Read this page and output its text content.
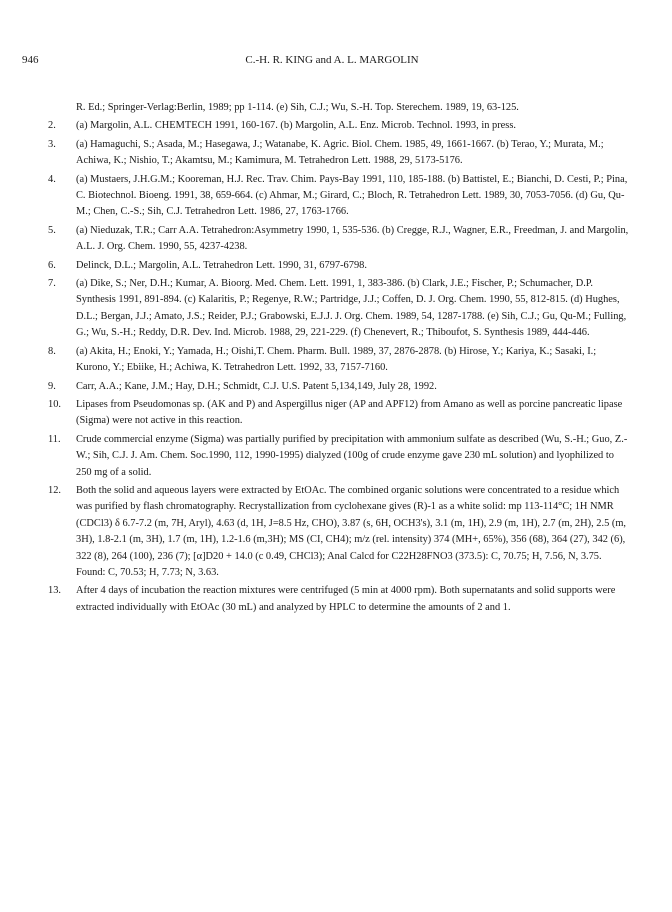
946	C.-H. R. KING and A. L. MARGOLIN
R. Ed.; Springer-Verlag:Berlin, 1989; pp 1-114. (e) Sih, C.J.; Wu, S.-H. Top. Sterechem. 1989, 19, 63-125.
2.	(a) Margolin, A.L. CHEMTECH 1991, 160-167. (b) Margolin, A.L. Enz. Microb. Technol. 1993, in press.
3.	(a) Hamaguchi, S.; Asada, M.; Hasegawa, J.; Watanabe, K. Agric. Biol. Chem. 1985, 49, 1661-1667. (b) Terao, Y.; Murata, M.; Achiwa, K.; Nishio, T.; Akamtsu, M.; Kamimura, M. Tetrahedron Lett. 1988, 29, 5173-5176.
4.	(a) Mustaers, J.H.G.M.; Kooreman, H.J. Rec. Trav. Chim. Pays-Bay 1991, 110, 185-188. (b) Battistel, E.; Bianchi, D. Cesti, P.; Pina, C. Biotechnol. Bioeng. 1991, 38, 659-664. (c) Ahmar, M.; Girard, C.; Bloch, R. Tetrahedron Lett. 1989, 30, 7053-7056. (d) Gu, Qu-M.; Chen, C.-S.; Sih, C.J. Tetrahedron Lett. 1986, 27, 1763-1766.
5.	(a) Nieduzak, T.R.; Carr A.A. Tetrahedron:Asymmetry 1990, 1, 535-536. (b) Cregge, R.J., Wagner, E.R., Freedman, J. and Margolin, A.L. J. Org. Chem. 1990, 55, 4237-4238.
6.	Delinck, D.L.; Margolin, A.L. Tetrahedron Lett. 1990, 31, 6797-6798.
7.	(a) Dike, S.; Ner, D.H.; Kumar, A. Bioorg. Med. Chem. Lett. 1991, 1, 383-386. (b) Clark, J.E.; Fischer, P.; Schumacher, D.P. Synthesis 1991, 891-894. (c) Kalaritis, P.; Regenye, R.W.; Partridge, J.J.; Coffen, D. J. Org. Chem. 1990, 55, 812-815. (d) Hughes, D.L.; Bergan, J.J.; Amato, J.S.; Reider, P.J.; Grabowski, E.J.J. J. Org. Chem. 1989, 54, 1287-1788. (e) Sih, C.J.; Gu, Qu-M.; Fulling, G.; Wu, S.-H.; Reddy, D.R. Dev. Ind. Microb. 1988, 29, 221-229. (f) Chenevert, R.; Thiboufot, S. Synthesis 1989, 444-446.
8.	(a) Akita, H.; Enoki, Y.; Yamada, H.; Oishi,T. Chem. Pharm. Bull. 1989, 37, 2876-2878. (b) Hirose, Y.; Kariya, K.; Sasaki, I.; Kurono, Y.; Ebiike, H.; Achiwa, K. Tetrahedron Lett. 1992, 33, 7157-7160.
9.	Carr, A.A.; Kane, J.M.; Hay, D.H.; Schmidt, C.J. U.S. Patent 5,134,149, July 28, 1992.
10.	Lipases from Pseudomonas sp. (AK and P) and Aspergillus niger (AP and APF12) from Amano as well as porcine pancreatic lipase (Sigma) were not active in this reaction.
11.	Crude commercial enzyme (Sigma) was partially purified by precipitation with ammonium sulfate as described (Wu, S.-H.; Guo, Z.-W.; Sih, C.J. J. Am. Chem. Soc.1990, 112, 1990-1995) dialyzed (100g of crude enzyme gave 230 mL solution) and lyophilized to 250 mg of a solid.
12.	Both the solid and aqueous layers were extracted by EtOAc. The combined organic solutions were concentrated to a residue which was purified by flash chromatography. Recrystallization from cyclohexane gives (R)-1 as a white solid: mp 113-114°C; 1H NMR (CDCl3) δ 6.7-7.2 (m, 7H, Aryl), 4.63 (d, 1H, J=8.5 Hz, CHO), 3.87 (s, 6H, OCH3's), 3.1 (m, 1H), 2.9 (m, 1H), 2.7 (m, 2H), 2.5 (m, 3H), 1.8-2.1 (m, 3H), 1.7 (m, 1H), 1.2-1.6 (m,3H); MS (CI, CH4); m/z (rel. intensity) 374 (MH+, 65%), 356 (68), 364 (27), 342 (6), 322 (8), 264 (100), 236 (7); [α]D20 + 14.0 (c 0.49, CHCl3); Anal Calcd for C22H28FNO3 (373.5): C, 70.75; H, 7.56, N, 3.75. Found: C, 70.53; H, 7.73; N, 3.63.
13.	After 4 days of incubation the reaction mixtures were centrifuged (5 min at 4000 rpm). Both supernatants and solid supports were extracted individually with EtOAc (30 mL) and analyzed by HPLC to determine the amounts of 2 and 1.
